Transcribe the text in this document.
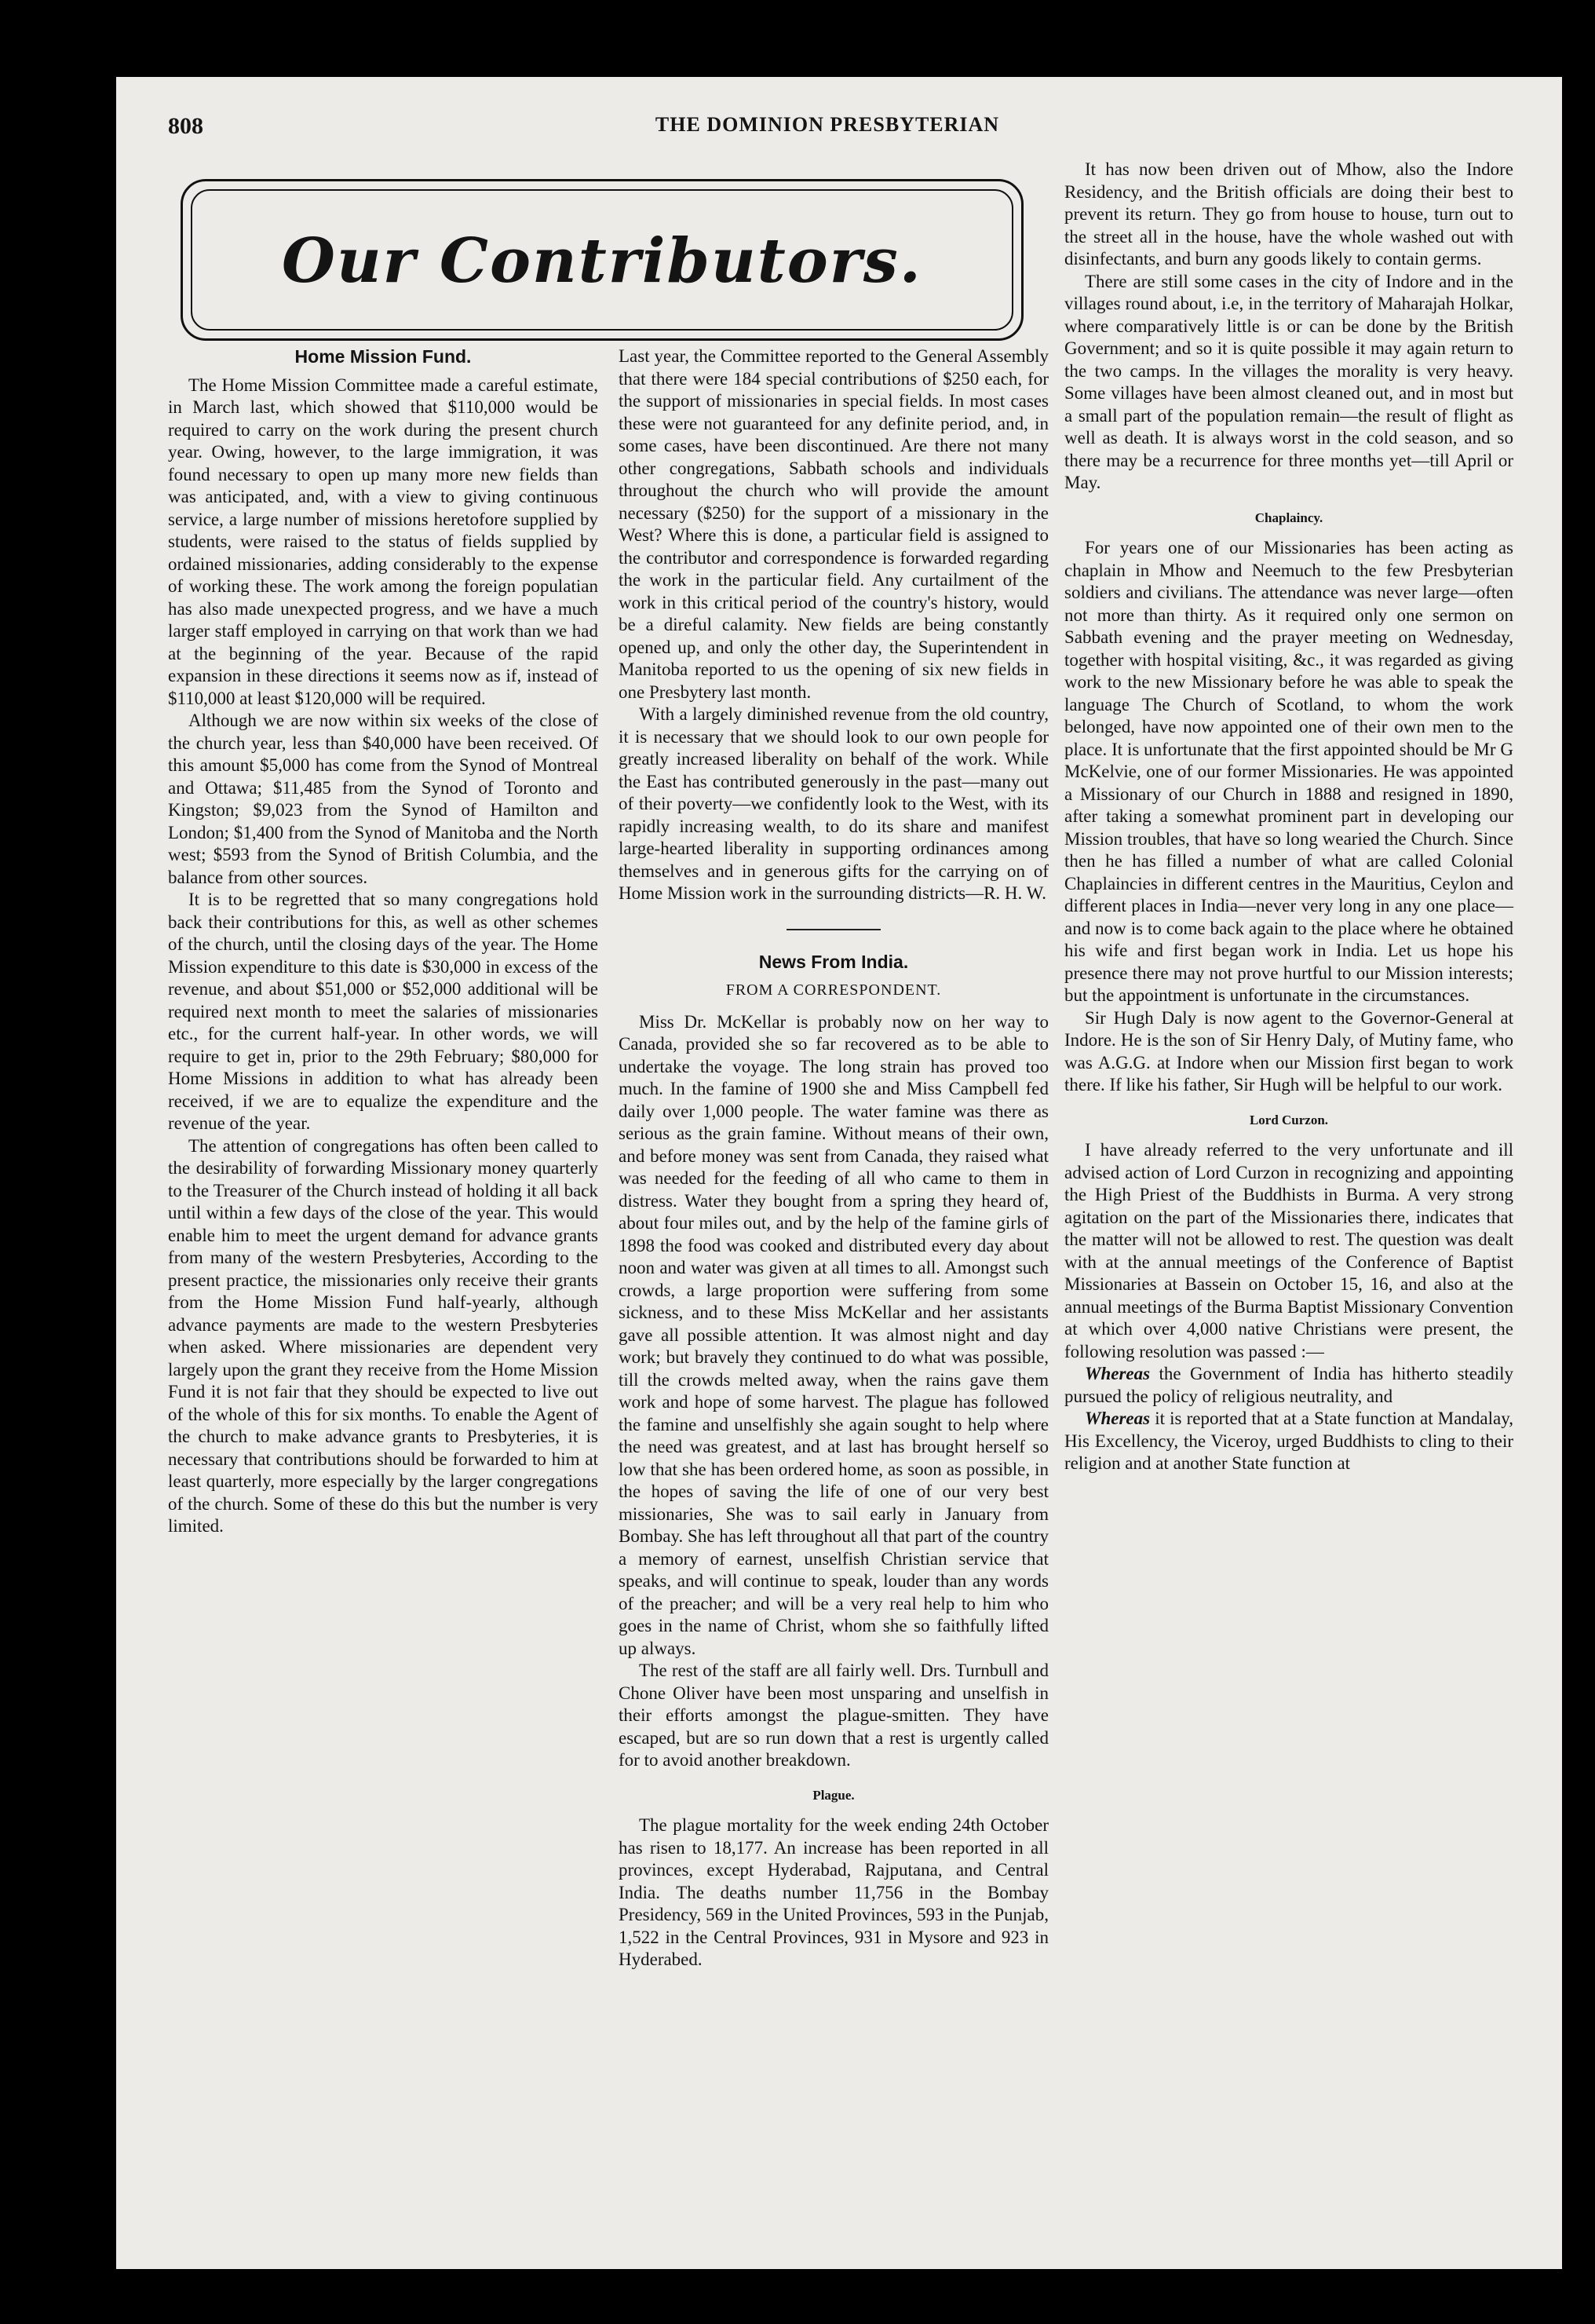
808	THE DOMINION PRESBYTERIAN
Our Contributors.
Home Mission Fund.

The Home Mission Committee made a careful estimate, in March last, which showed that $110,000 would be required to carry on the work during the present church year. Owing, however, to the large immigration, it was found necessary to open up many more new fields than was anticipated, and, with a view to giving continuous service, a large number of missions heretofore supplied by students, were raised to the status of fields supplied by ordained missionaries, adding considerably to the expense of working these. The work among the foreign populatian has also made unexpected progress, and we have a much larger staff employed in carrying on that work than we had at the beginning of the year. Because of the rapid expansion in these directions it seems now as if, instead of $110,000 at least $120,000 will be required.

Although we are now within six weeks of the close of the church year, less than $40,000 have been received. Of this amount $5,000 has come from the Synod of Montreal and Ottawa; $11,485 from the Synod of Toronto and Kingston; $9,023 from the Synod of Hamilton and London; $1,400 from the Synod of Manitoba and the North west; $593 from the Synod of British Columbia, and the balance from other sources.

It is to be regretted that so many congregations hold back their contributions for this, as well as other schemes of the church, until the closing days of the year. The Home Mission expenditure to this date is $30,000 in excess of the revenue, and about $51,000 or $52,000 additional will be required next month to meet the salaries of missionaries etc., for the current half-year. In other words, we will require to get in, prior to the 29th February; $80,000 for Home Missions in addition to what has already been received, if we are to equalize the expenditure and the revenue of the year.

The attention of congregations has often been called to the desirability of forwarding Missionary money quarterly to the Treasurer of the Church instead of holding it all back until within a few days of the close of the year. This would enable him to meet the urgent demand for advance grants from many of the western Presbyteries, According to the present practice, the missionaries only receive their grants from the Home Mission Fund half-yearly, although advance payments are made to the western Presbyteries when asked. Where missionaries are dependent very largely upon the grant they receive from the Home Mission Fund it is not fair that they should be expected to live out of the whole of this for six months. To enable the Agent of the church to make advance grants to Presbyteries, it is necessary that contributions should be forwarded to him at least quarterly, more especially by the larger congregations of the church. Some of these do this but the number is very limited.

Last year, the Committee reported to the General Assembly that there were 184 special contributions of $250 each, for the support of missionaries in special fields. In most cases these were not guaranteed for any definite period, and, in some cases, have been discontinued. Are there not many other congregations, Sabbath schools and individuals throughout the church who will provide the amount necessary ($250) for the support of a missionary in the West? Where this is done, a particular field is assigned to the contributor and correspondence is forwarded regarding the work in the particular field. Any curtailment of the work in this critical period of the country's history, would be a direful calamity. New fields are being constantly opened up, and only the other day, the Superintendent in Manitoba reported to us the opening of six new fields in one Presbytery last month.

With a largely diminished revenue from the old country, it is necessary that we should look to our own people for greatly increased liberality on behalf of the work. While the East has contributed generously in the past—many out of their poverty—we confidently look to the West, with its rapidly increasing wealth, to do its share and manifest large-hearted liberality in supporting ordinances among themselves and in generous gifts for the carrying on of Home Mission work in the surrounding districts—R. H. W.

News From India.
FROM A CORRESPONDENT.

Miss Dr. McKellar is probably now on her way to Canada, provided she so far recovered as to be able to undertake the voyage. The long strain has proved too much. In the famine of 1900 she and Miss Campbell fed daily over 1,000 people. The water famine was there as serious as the grain famine. Without means of their own, and before money was sent from Canada, they raised what was needed for the feeding of all who came to them in distress. Water they bought from a spring they heard of, about four miles out, and by the help of the famine girls of 1898 the food was cooked and distributed every day about noon and water was given at all times to all. Amongst such crowds, a large proportion were suffering from some sickness, and to these Miss McKellar and her assistants gave all possible attention. It was almost night and day work; but bravely they continued to do what was possible, till the crowds melted away, when the rains gave them work and hope of some harvest. The plague has followed the famine and unselfishly she again sought to help where the need was greatest, and at last has brought herself so low that she has been ordered home, as soon as possible, in the hopes of saving the life of one of our very best missionaries, She was to sail early in January from Bombay. She has left throughout all that part of the country a memory of earnest, unselfish Christian service that speaks, and will continue to speak, louder than any words of the preacher; and will be a very real help to him who goes in the name of Christ, whom she so faithfully lifted up always.

The rest of the staff are all fairly well. Drs. Turnbull and Chone Oliver have been most unsparing and unselfish in their efforts amongst the plague-smitten. They have escaped, but are so run down that a rest is urgently called for to avoid another breakdown.

Plague.

The plague mortality for the week ending 24th October has risen to 18,177. An increase has been reported in all provinces, except Hyderabad, Rajputana, and Central India. The deaths number 11,756 in the Bombay Presidency, 569 in the United Provinces, 593 in the Punjab, 1,522 in the Central Provinces, 931 in Mysore and 923 in Hyderabed.

It has now been driven out of Mhow, also the Indore Residency, and the British officials are doing their best to prevent its return. They go from house to house, turn out to the street all in the house, have the whole washed out with disinfectants, and burn any goods likely to contain germs.

There are still some cases in the city of Indore and in the villages round about, i.e, in the territory of Maharajah Holkar, where comparatively little is or can be done by the British Government; and so it is quite possible it may again return to the two camps. In the villages the morality is very heavy. Some villages have been almost cleaned out, and in most but a small part of the population remain—the result of flight as well as death. It is always worst in the cold season, and so there may be a recurrence for three months yet—till April or May.

Chaplaincy.

For years one of our Missionaries has been acting as chaplain in Mhow and Neemuch to the few Presbyterian soldiers and civilians. The attendance was never large—often not more than thirty. As it required only one sermon on Sabbath evening and the prayer meeting on Wednesday, together with hospital visiting, &c., it was regarded as giving work to the new Missionary before he was able to speak the language The Church of Scotland, to whom the work belonged, have now appointed one of their own men to the place. It is unfortunate that the first appointed should be Mr G McKelvie, one of our former Missionaries. He was appointed a Missionary of our Church in 1888 and resigned in 1890, after taking a somewhat prominent part in developing our Mission troubles, that have so long wearied the Church. Since then he has filled a number of what are called Colonial Chaplaincies in different centres in the Mauritius, Ceylon and different places in India—never very long in any one place—and now is to come back again to the place where he obtained his wife and first began work in India. Let us hope his presence there may not prove hurtful to our Mission interests; but the appointment is unfortunate in the circumstances.

Sir Hugh Daly is now agent to the Governor-General at Indore. He is the son of Sir Henry Daly, of Mutiny fame, who was A.G.G. at Indore when our Mission first began to work there. If like his father, Sir Hugh will be helpful to our work.

Lord Curzon.

I have already referred to the very unfortunate and ill advised action of Lord Curzon in recognizing and appointing the High Priest of the Buddhists in Burma. A very strong agitation on the part of the Missionaries there, indicates that the matter will not be allowed to rest. The question was dealt with at the annual meetings of the Conference of Baptist Missionaries at Bassein on October 15, 16, and also at the annual meetings of the Burma Baptist Missionary Convention at which over 4,000 native Christians were present, the following resolution was passed :—

Whereas the Government of India has hitherto steadily pursued the policy of religious neutrality, and

Whereas it is reported that at a State function at Mandalay, His Excellency, the Viceroy, urged Buddhists to cling to their religion and at another State function at
